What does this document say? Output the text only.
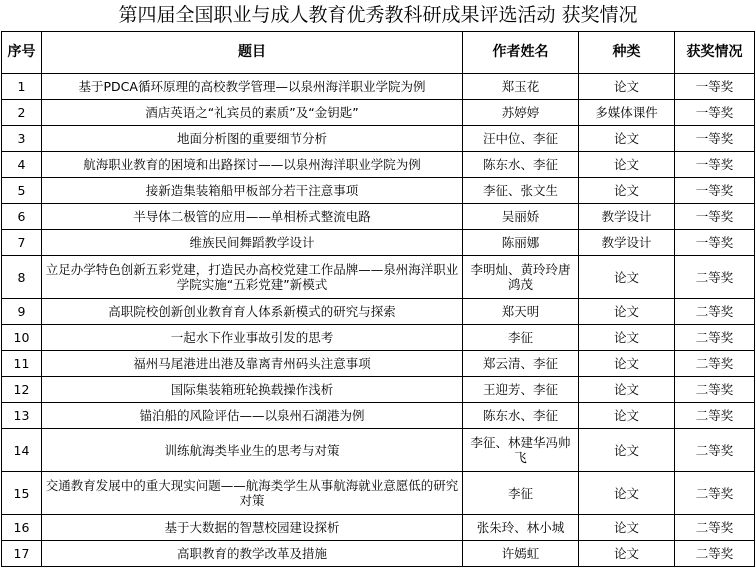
第四届全国职业与成人教育优秀教科研成果评选活动 获奖情况
序号	题目	作者姓名	种类	获奖情况
1	基于PDCA循环原理的高校教学管理—以泉州海洋职业学院为例	郑玉花	论文	一等奖
2	酒店英语之“礼宾员的素质”及“金钥匙”	苏婷婷	多媒体课件	一等奖
3	地面分析图的重要细节分析	汪中位、李征	论文	一等奖
4	航海职业教育的困境和出路探讨——以泉州海洋职业学院为例	陈东水、李征	论文	一等奖
5	接新造集装箱船甲板部分若干注意事项	李征、张文生	论文	一等奖
6	半导体二极管的应用——单相桥式整流电路	吴丽娇	教学设计	一等奖
7	维族民间舞蹈教学设计	陈丽娜	教学设计	一等奖
8	立足办学特色创新五彩党建，打造民办高校党建工作品牌——泉州海洋职业学院实施“五彩党建”新模式	李明灿、黄玲玲唐鸿茂	论文	二等奖
9	高职院校创新创业教育育人体系新模式的研究与探索	郑天明	论文	二等奖
10	一起水下作业事故引发的思考	李征	论文	二等奖
11	福州马尾港进出港及靠离青州码头注意事项	郑云清、李征	论文	二等奖
12	国际集装箱班轮换载操作浅析	王迎芳、李征	论文	二等奖
13	锚泊船的风险评估——以泉州石湖港为例	陈东水、李征	论文	二等奖
14	训练航海类毕业生的思考与对策	李征、林建华冯帅飞	论文	二等奖
15	交通教育发展中的重大现实问题——航海类学生从事航海就业意愿低的研究对策	李征	论文	二等奖
16	基于大数据的智慧校园建设探析	张朱玲、林小城	论文	二等奖
17	高职教育的教学改革及措施	许嫣虹	论文	二等奖
